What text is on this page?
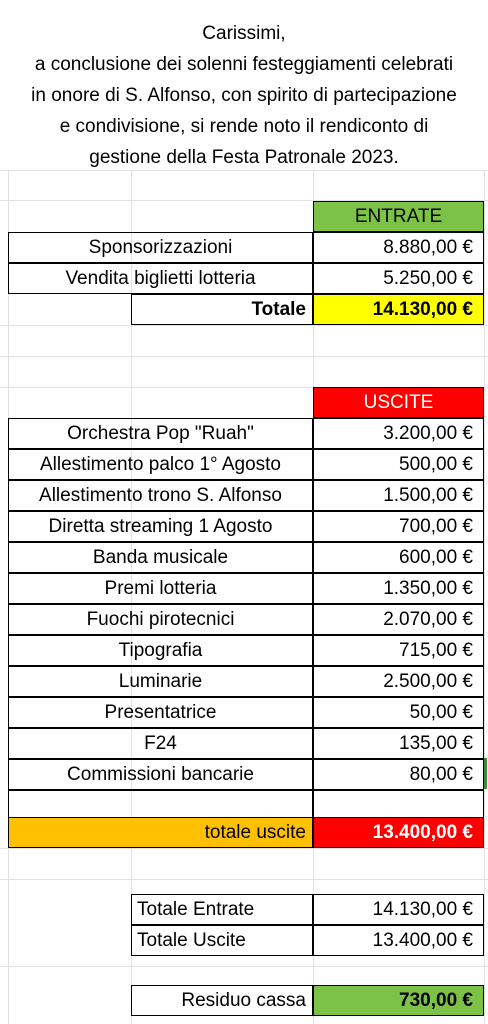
Carissimi,
a conclusione dei solenni festeggiamenti celebrati
in onore di S. Alfonso, con spirito di partecipazione
e condivisione, si rende noto il rendiconto di
gestione della Festa Patronale 2023.
ENTRATE
Sponsorizzazioni	8.880,00 €
Vendita biglietti lotteria	5.250,00 €
Totale	14.130,00 €
USCITE
Orchestra Pop "Ruah"	3.200,00 €
Allestimento palco 1° Agosto	500,00 €
Allestimento trono S. Alfonso	1.500,00 €
Diretta streaming 1 Agosto	700,00 €
Banda musicale	600,00 €
Premi lotteria	1.350,00 €
Fuochi pirotecnici	2.070,00 €
Tipografia	715,00 €
Luminarie	2.500,00 €
Presentatrice	50,00 €
F24	135,00 €
Commissioni bancarie	80,00 €
totale uscite	13.400,00 €
Totale Entrate	14.130,00 €
Totale Uscite	13.400,00 €
Residuo cassa	730,00 €
